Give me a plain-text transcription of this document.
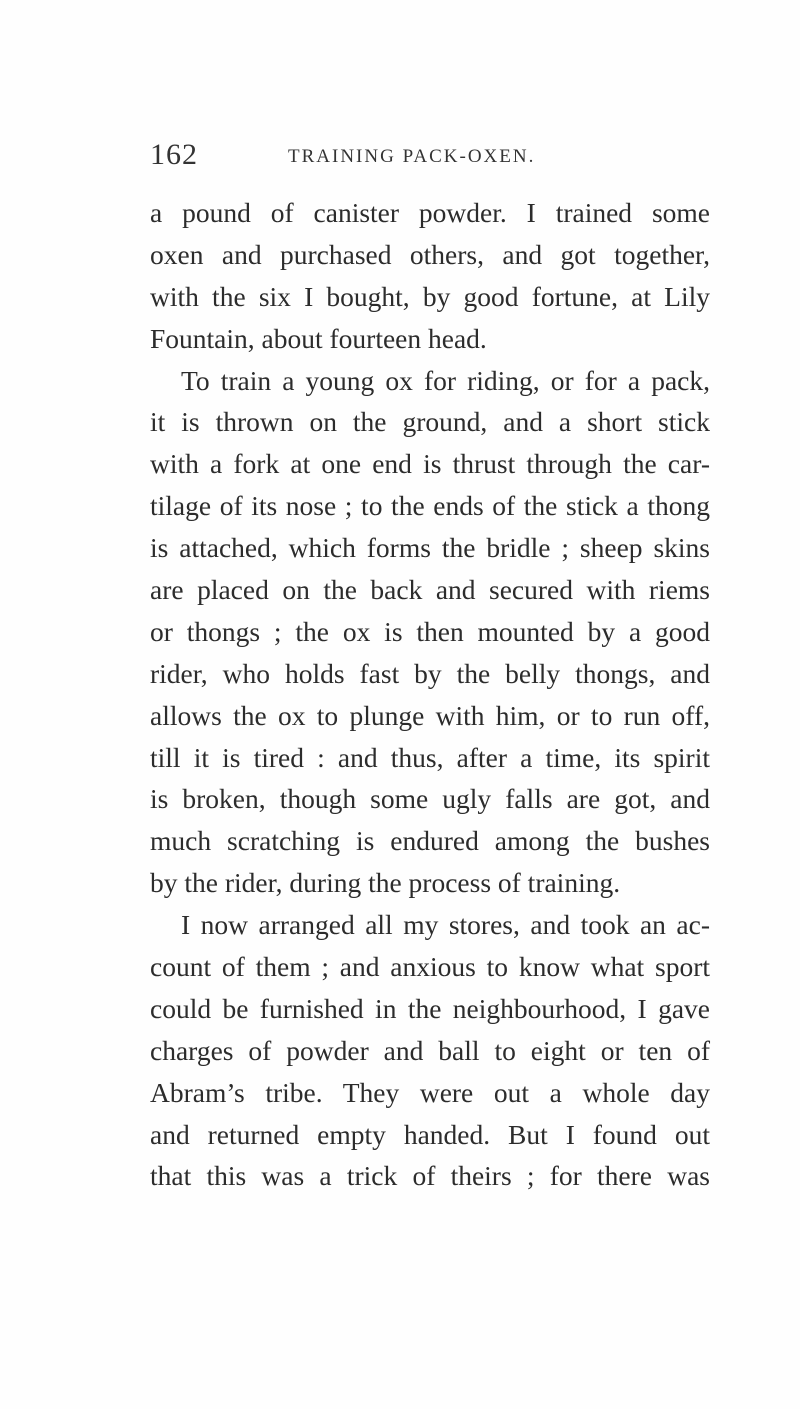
162	TRAINING PACK-OXEN.
a pound of canister powder. I trained some
oxen and purchased others, and got together,
with the six I bought, by good fortune, at Lily
Fountain, about fourteen head.
To train a young ox for riding, or for a pack,
it is thrown on the ground, and a short stick
with a fork at one end is thrust through the car-
tilage of its nose ; to the ends of the stick a thong
is attached, which forms the bridle ; sheep skins
are placed on the back and secured with riems
or thongs ; the ox is then mounted by a good
rider, who holds fast by the belly thongs, and
allows the ox to plunge with him, or to run off,
till it is tired : and thus, after a time, its spirit
is broken, though some ugly falls are got, and
much scratching is endured among the bushes
by the rider, during the process of training.
I now arranged all my stores, and took an ac-
count of them ; and anxious to know what sport
could be furnished in the neighbourhood, I gave
charges of powder and ball to eight or ten of
Abram’s tribe. They were out a whole day
and returned empty handed. But I found out
that this was a trick of theirs ; for there was
